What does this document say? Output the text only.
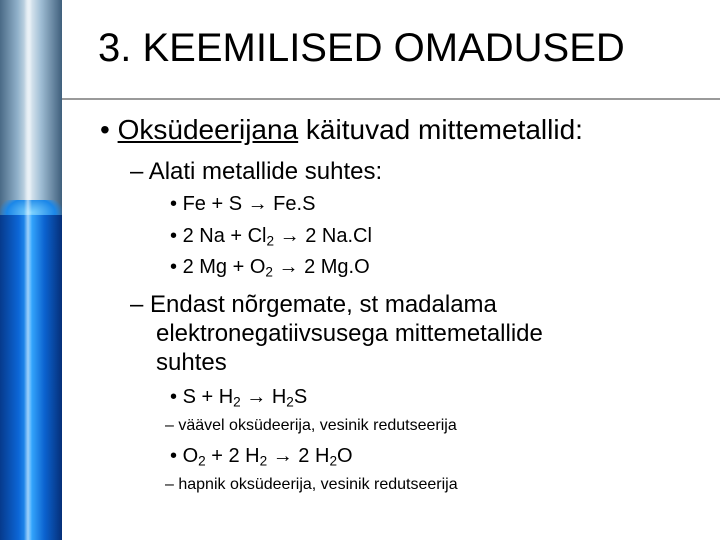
3. KEEMILISED OMADUSED
• Oksüdeerijana käituvad mittemetallid:
– Alati metallide suhtes:
• Fe + S → Fe.S
• 2 $Na + Cl_2 \to 2$ Na.Cl
• 2 $Mg + O_2 \to 2$ Mg.O
– Endast nõrgemate, st madalama
elektronegatiivsusega mittemetallide
suhtes
• $S + H_2 \to H_2S$
– väävel oksüdeerija, vesinik redutseerija
• $O_2 + 2$ $H_2 \to 2$ $H_2O$
– hapnik oksüdeerija, vesinik redutseerija
